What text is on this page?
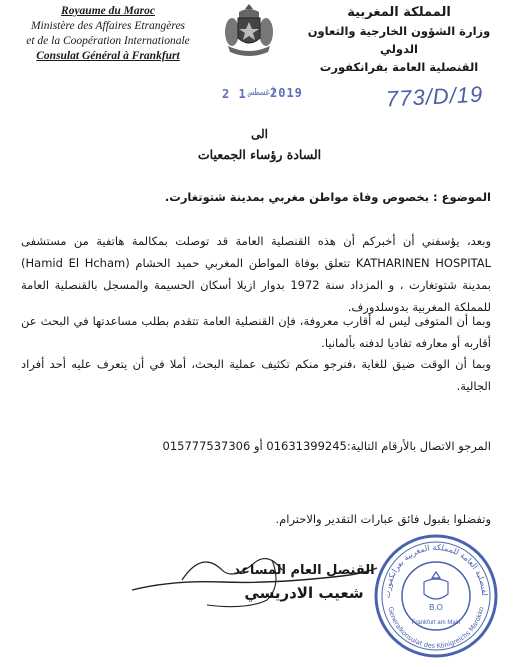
Royaume du Maroc
Ministère des Affaires Etrangères
et de la Coopération Internationale
Consulat Général à Frankfurt
المملكة المغربية
وزارة الشؤون الخارجية والتعاون الدولي
القنصلية العامة بفرانكفورت
2 1 أغسطس
2019	773/D/19
الى
السادة رؤساء الجمعيات
الموضوع : بخصوص وفاة مواطن مغربي بمدينة شتوتغارت.
وبعد، يؤسفني أن أخبركم أن هذه القنصلية العامة قد توصلت بمكالمة هاتفية من مستشفى KATHARINEN HOSPITAL تتعلق بوفاة المواطن المغربي حميد الحشام (Hamid El Hcham) بمدينة شتوتغارت ، و المزداد سنة 1972 بدوار ازيلا أسكان الحسيمة والمسجل بالقنصلية العامة للمملكة المغربية بدوسلدورف.
وبما أن المتوفى ليس له أقارب معروفة، فإن القنصلية العامة تتقدم بطلب مساعدتها في البحث عن أقاربه أو معارفه تفاديا لدفنه بألمانيا.
وبما أن الوقت ضيق للغاية ،فنرجو منكم تكثيف عملية البحث، أملا في أن يتعرف عليه أحد أفراد الجالية.
المرجو الاتصال بالأرقام التالية:01631399245 أو 015777537306
وتفضلوا بقبول فائق عبارات التقدير والاحترام.
القنصل العام المساعد
شعيب الادريسي	لقنصلية العامة للمملكة المغربية بفرانكفورت
Generalkonsulat des Königreichs Marokko
B.O
Frankfurt am Main
